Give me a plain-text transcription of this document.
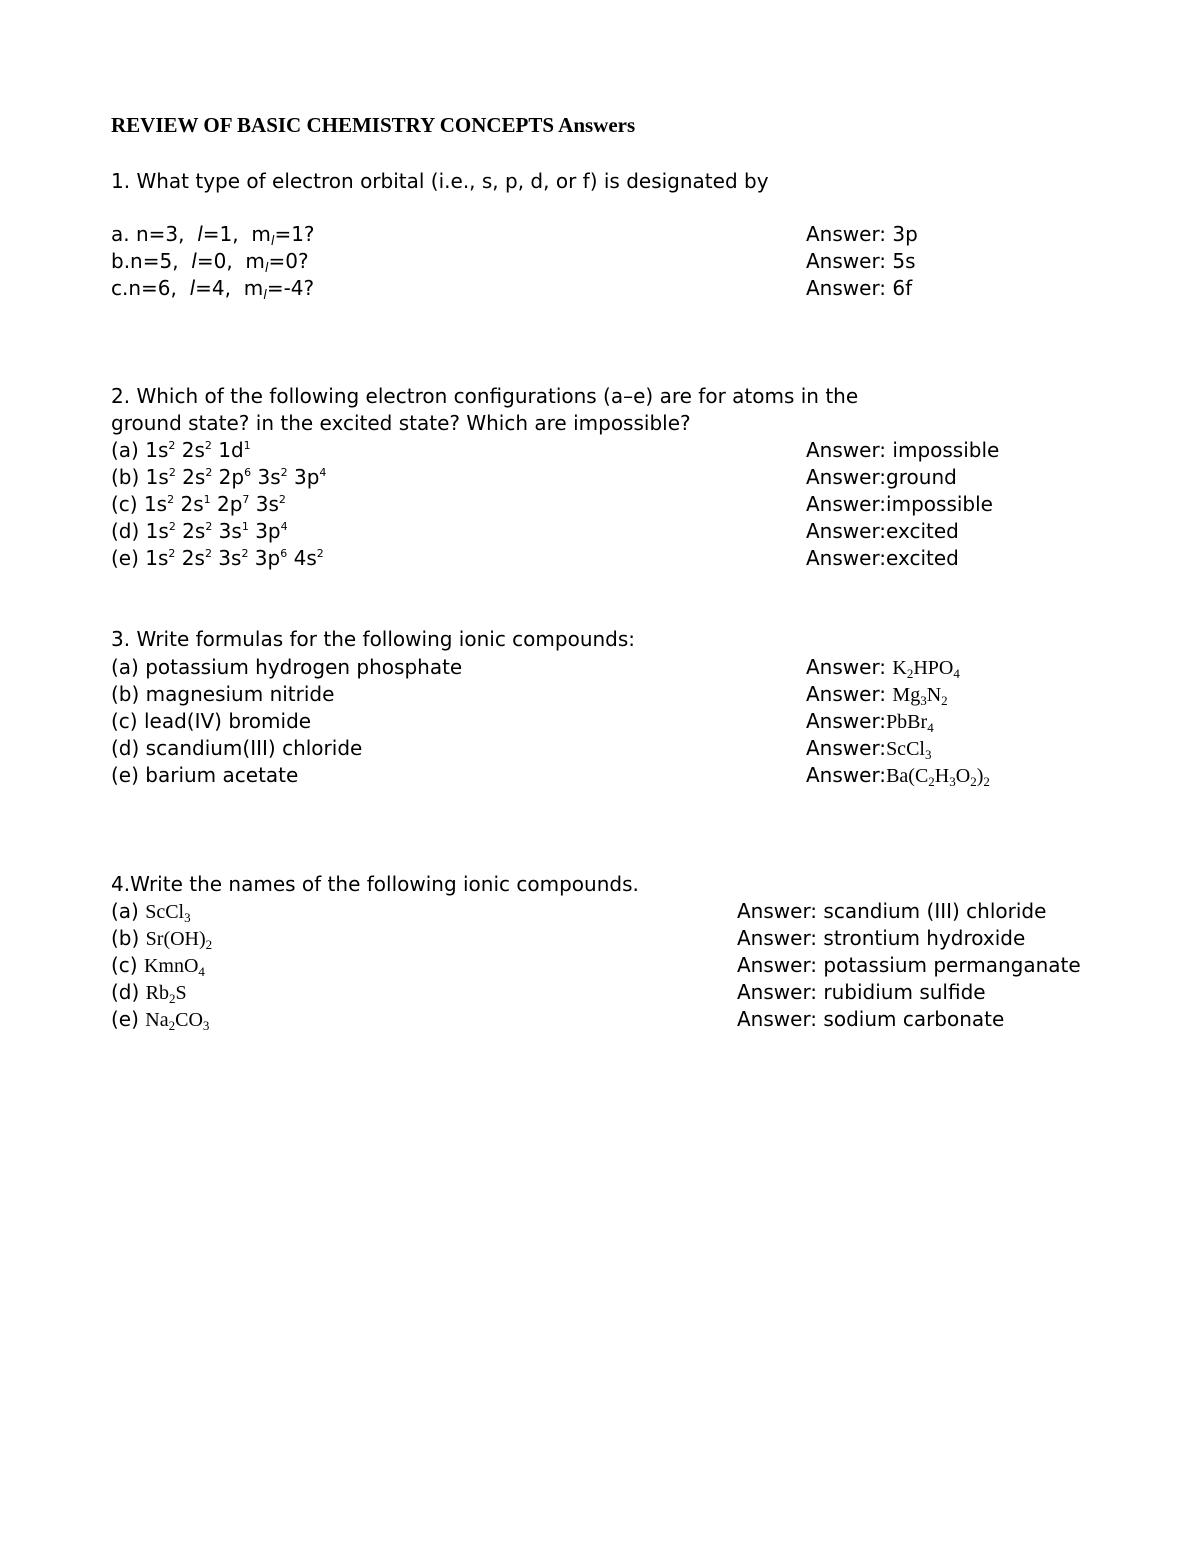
REVIEW OF BASIC CHEMISTRY CONCEPTS Answers
1. What type of electron orbital (i.e., s, p, d, or f) is designated by
a. n=3, l=1,  $m_l=1$?	Answer: 3p
b.n=5, l=0,  $m_l=0$?	Answer: 5s
c.n=6, l=4,  $m_l=-4$?	Answer: 6f
2. Which of the following electron configurations (a–e) are for atoms in the
ground state? in the excited state? Which are impossible?
(a) $1s^2$ $2s^2$ $1d^1$	Answer: impossible
(b) $1s^2$ $2s^2$ $2p^6$ $3s^2$ $3p^4$	Answer:ground
(c) $1s^2$ $2s^1$ $2p^7$ $3s^2$	Answer:impossible
(d) $1s^2$ $2s^2$ $3s^1$ $3p^4$	Answer:excited
(e) $1s^2$ $2s^2$ $3s^2$ $3p^6$ $4s^2$	Answer:excited
3. Write formulas for the following ionic compounds:
(a) potassium hydrogen phosphate	Answer: $K_2HPO_4$
(b) magnesium nitride	Answer: $Mg_3N_2$
(c) lead(IV) bromide	Answer:PbBr$_4$
(d) scandium(III) chloride	Answer:ScCl$_3$
(e) barium acetate	$Answer:Ba(C_2H_3O_2)_2$
4.Write the names of the following ionic compounds.
(a) ScCl$_3$	Answer: scandium (III) chloride
(b) $Sr(OH)_2$	Answer: strontium hydroxide
(c) KmnO$_4$	Answer: potassium permanganate
(d) $Rb_2S$	Answer: rubidium sulfide
(e) $Na_2CO_3$	Answer: sodium carbonate
